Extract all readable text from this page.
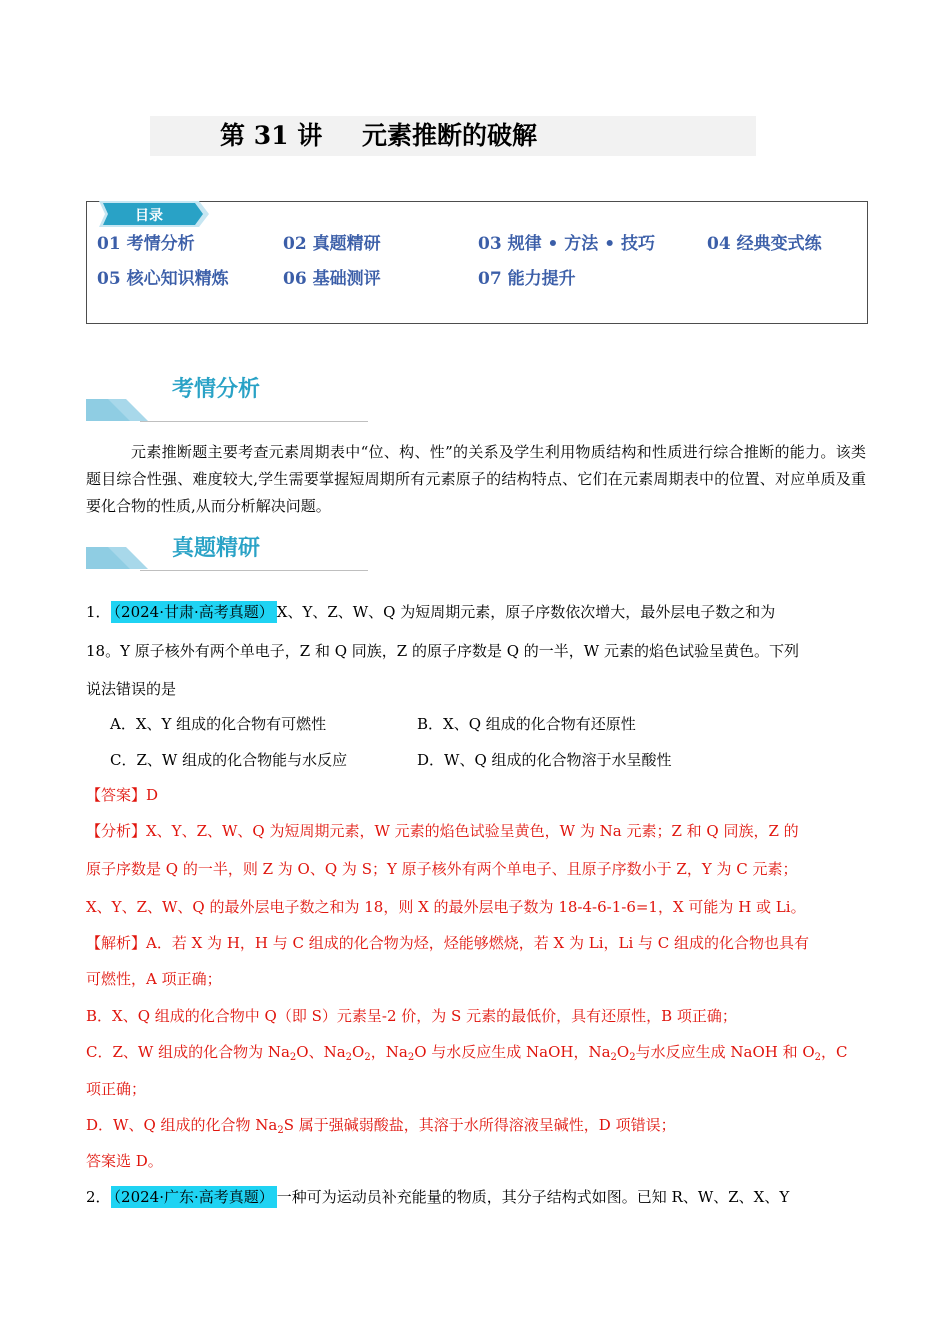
第 31 讲 元素推断的破解
目录
01 考情分析	02 真题精研	03 规律 • 方法 • 技巧	04 经典变式练
05 核心知识精炼	06 基础测评	07 能力提升
考情分析
元素推断题主要考查元素周期表中“位、构、性”的关系及学生利用物质结构和性质进行综合推断的能力。该类题目综合性强、难度较大,学生需要掌握短周期所有元素原子的结构特点、它们在元素周期表中的位置、对应单质及重要化合物的性质,从而分析解决问题。
真题精研
1． （2024·甘肃·高考真题） X、Y、Z、W、Q 为短周期元素，原子序数依次增大，最外层电子数之和为
18。Y 原子核外有两个单电子，Z 和 Q 同族，Z 的原子序数是 Q 的一半，W 元素的焰色试验呈黄色。下列
说法错误的是
A．X、Y 组成的化合物有可燃性	B．X、Q 组成的化合物有还原性
C．Z、W 组成的化合物能与水反应	D．W、Q 组成的化合物溶于水呈酸性
【答案】D
【分析】X、Y、Z、W、Q 为短周期元素，W 元素的焰色试验呈黄色，W 为 Na 元素；Z 和 Q 同族，Z 的
原子序数是 Q 的一半，则 Z 为 O、Q 为 S；Y 原子核外有两个单电子、且原子序数小于 Z，Y 为 C 元素；
X、Y、Z、W、Q 的最外层电子数之和为 18，则 X 的最外层电子数为 18-4-6-1-6=1，X 可能为 H 或 Li。
【解析】A．若 X 为 H，H 与 C 组成的化合物为烃，烃能够燃烧，若 X 为 Li，Li 与 C 组成的化合物也具有
可燃性，A 项正确；
B．X、Q 组成的化合物中 Q（即 S）元素呈-2 价，为 S 元素的最低价，具有还原性，B 项正确；
C．Z、W 组成的化合物为 $Na_2O$、$Na_2O_2$，$Na_2O$ 与水反应生成 NaOH，$Na_2O_2$与水反应生成 NaOH 和 $O_2$，C
项正确；
D．W、Q 组成的化合物 $Na_2S$ 属于强碱弱酸盐，其溶于水所得溶液呈碱性，D 项错误；
答案选 D。
2． （2024·广东·高考真题） 一种可为运动员补充能量的物质，其分子结构式如图。已知 R、W、Z、X、Y
